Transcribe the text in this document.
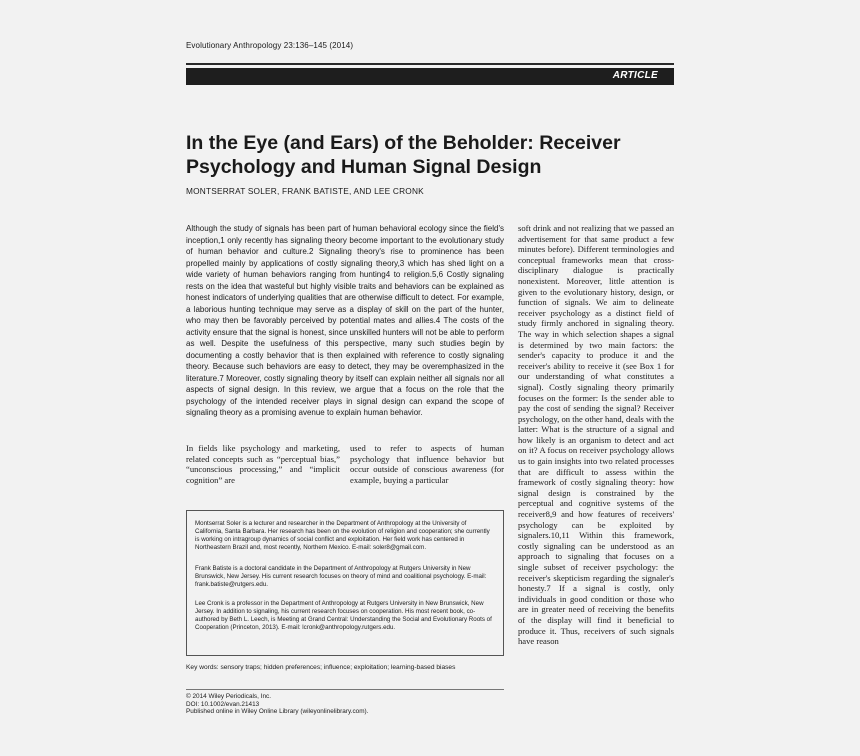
Evolutionary Anthropology 23:136–145 (2014)
ARTICLE
In the Eye (and Ears) of the Beholder: Receiver Psychology and Human Signal Design
MONTSERRAT SOLER, FRANK BATISTE, AND LEE CRONK

Although the study of signals has been part of human behavioral ecology since the field's inception,1 only recently has signaling theory become important to the evolutionary study of human behavior and culture.2 Signaling theory's rise to prominence has been propelled mainly by applications of costly signaling theory,3 which has shed light on a wide variety of human behaviors ranging from hunting4 to religion.5,6 Costly signaling rests on the idea that wasteful but highly visible traits and behaviors can be explained as honest indicators of underlying qualities that are otherwise difficult to detect. For example, a laborious hunting technique may serve as a display of skill on the part of the hunter, who may then be favorably perceived by potential mates and allies.4 The costs of the activity ensure that the signal is honest, since unskilled hunters will not be able to perform as well. Despite the usefulness of this perspective, many such studies begin by documenting a costly behavior that is then explained with reference to costly signaling theory. Because such behaviors are easy to detect, they may be overemphasized in the literature.7 Moreover, costly signaling theory by itself can explain neither all signals nor all aspects of signal design. In this review, we argue that a focus on the role that the psychology of the intended receiver plays in signal design can expand the scope of signaling theory as a promising avenue to explain human behavior.

In fields like psychology and marketing, related concepts such as “perceptual bias,” “unconscious processing,” and “implicit cognition” are

used to refer to aspects of human psychology that influence behavior but occur outside of conscious awareness (for example, buying a particular

Montserrat Soler is a lecturer and researcher in the Department of Anthropology at the University of California, Santa Barbara. Her research has been on the evolution of religion and cooperation; she currently is working on intragroup dynamics of social conflict and exploitation. Her field work has centered in Northeastern Brazil and, most recently, Northern Mexico. E-mail: soler8@gmail.com.

Frank Batiste is a doctoral candidate in the Department of Anthropology at Rutgers University in New Brunswick, New Jersey. His current research focuses on theory of mind and coalitional psychology. E-mail: frank.batiste@rutgers.edu.

Lee Cronk is a professor in the Department of Anthropology at Rutgers University in New Brunswick, New Jersey. In addition to signaling, his current research focuses on cooperation. His most recent book, co-authored by Beth L. Leech, is Meeting at Grand Central: Understanding the Social and Evolutionary Roots of Cooperation (Princeton, 2013). E-mail: lcronk@anthropology.rutgers.edu.

Key words: sensory traps; hidden preferences; influence; exploitation; learning-based biases
© 2014 Wiley Periodicals, Inc.
DOI: 10.1002/evan.21413
Published online in Wiley Online Library (wileyonlinelibrary.com).

soft drink and not realizing that we passed an advertisement for that same product a few minutes before). Different terminologies and conceptual frameworks mean that cross-disciplinary dialogue is practically nonexistent. Moreover, little attention is given to the evolutionary history, design, or function of signals. We aim to delineate receiver psychology as a distinct field of study firmly anchored in signaling theory. The way in which selection shapes a signal is determined by two main factors: the sender's capacity to produce it and the receiver's ability to receive it (see Box 1 for our understanding of what constitutes a signal). Costly signaling theory primarily focuses on the former: Is the sender able to pay the cost of sending the signal? Receiver psychology, on the other hand, deals with the latter: What is the structure of a signal and how likely is an organism to detect and act on it? A focus on receiver psychology allows us to gain insights into two related processes that are difficult to assess within the framework of costly signaling theory: how signal design is constrained by the perceptual and cognitive systems of the receiver8,9 and how features of receivers' psychology can be exploited by signalers.10,11 Within this framework, costly signaling can be understood as an approach to signaling that focuses on a single subset of receiver psychology: the receiver's skepticism regarding the signaler's honesty.7 If a signal is costly, only individuals in good condition or those who are in greater need of receiving the benefits of the display will find it beneficial to produce it. Thus, receivers of such signals have reason
